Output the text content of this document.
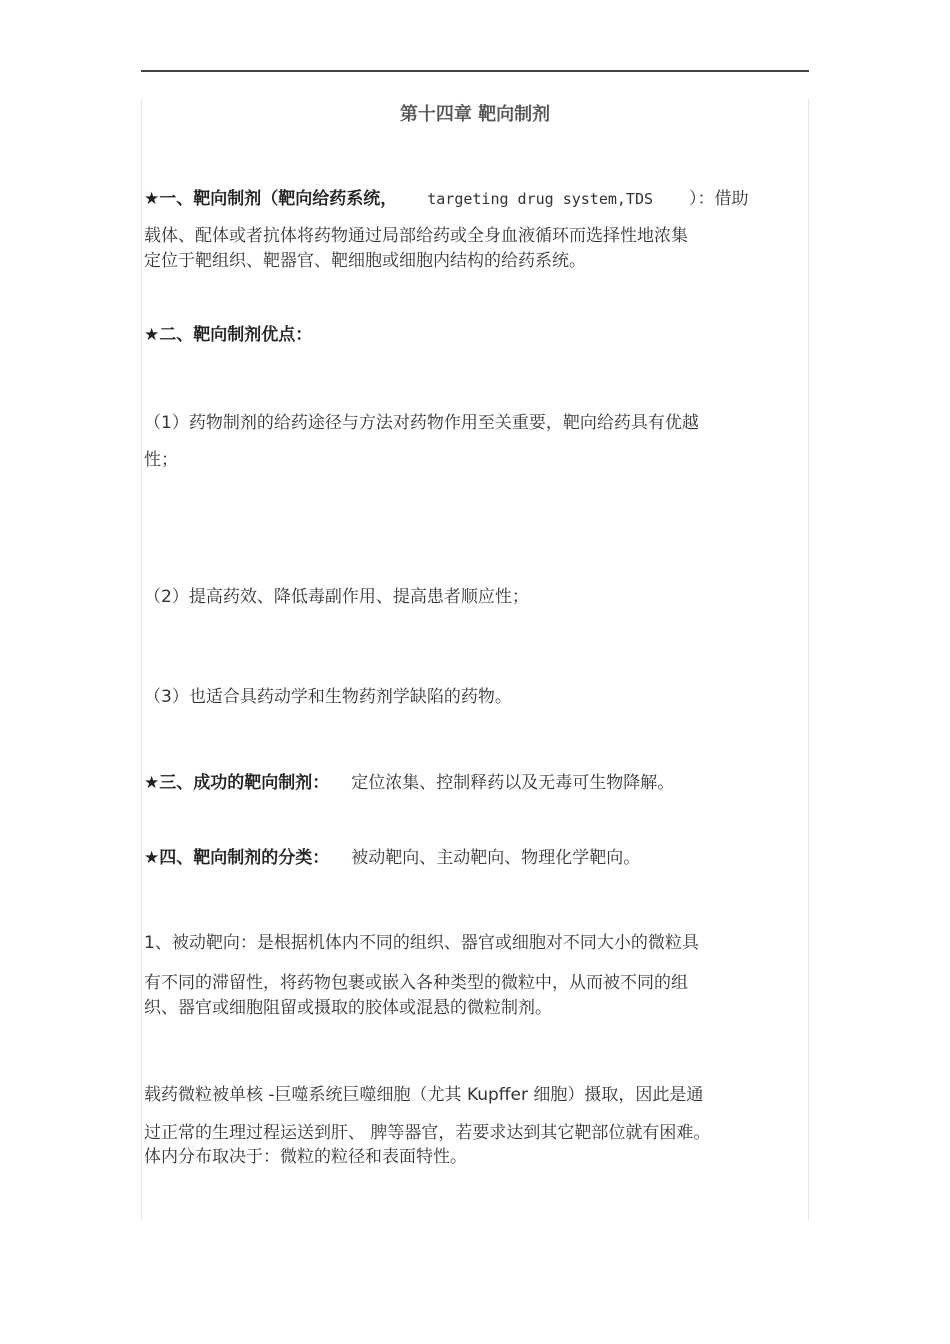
第十四章 靶向制剂
★一、靶向制剂（靶向给药系统， targeting drug system,TDS ）：借助
载体、配体或者抗体将药物通过局部给药或全身血液循环而选择性地浓集
定位于靶组织、靶器官、靶细胞或细胞内结构的给药系统。
★二、靶向制剂优点：
（1）药物制剂的给药途径与方法对药物作用至关重要，靶向给药具有优越
性；
（2）提高药效、降低毒副作用、提高患者顺应性；
（3）也适合具药动学和生物药剂学缺陷的药物。
★三、成功的靶向制剂： 定位浓集、控制释药以及无毒可生物降解。
★四、靶向制剂的分类： 被动靶向、主动靶向、物理化学靶向。
1、被动靶向：是根据机体内不同的组织、器官或细胞对不同大小的微粒具
有不同的滞留性，将药物包裹或嵌入各种类型的微粒中，从而被不同的组
织、器官或细胞阻留或摄取的胶体或混悬的微粒制剂。
载药微粒被单核 -巨噬系统巨噬细胞（尤其 Kupffer 细胞）摄取，因此是通
过正常的生理过程运送到肝、 脾等器官，若要求达到其它靶部位就有困难。
体内分布取决于：微粒的粒径和表面特性。
